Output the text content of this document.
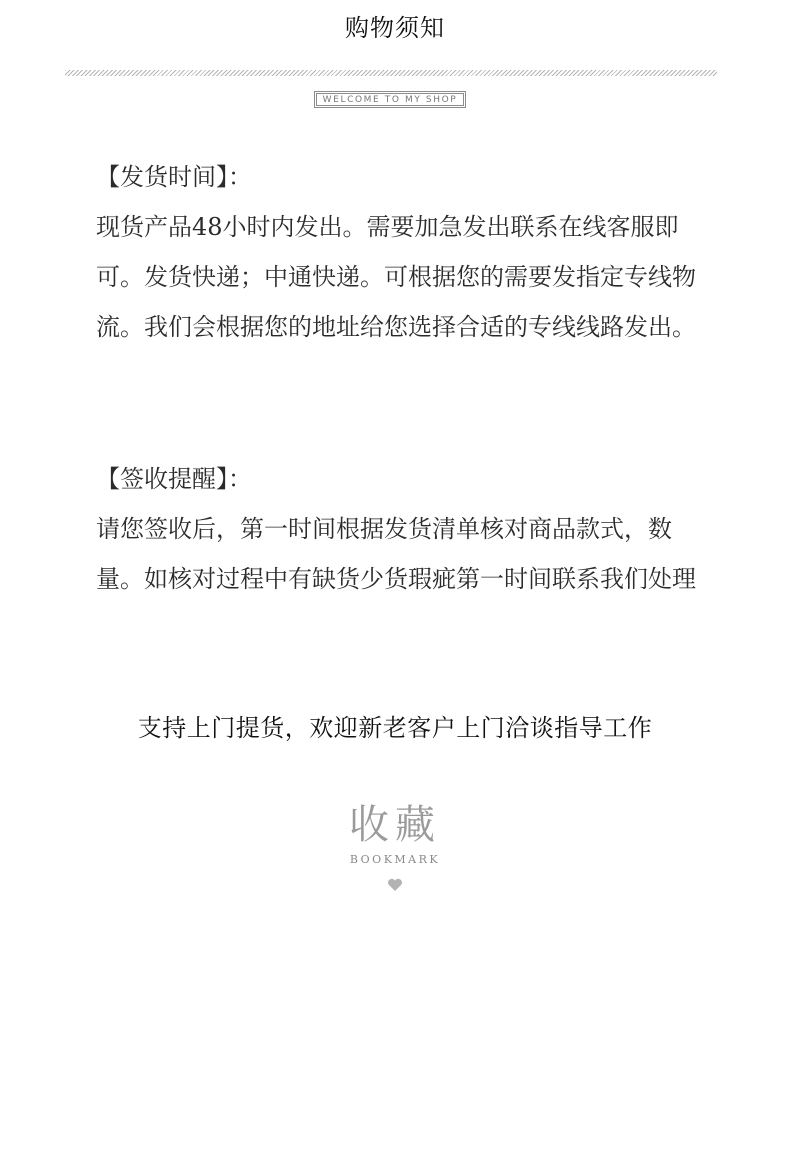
购物须知
WELCOME TO MY SHOP
【发货时间】：
现货产品48小时内发出。需要加急发出联系在线客服即可。发货快递；中通快递。可根据您的需要发指定专线物流。我们会根据您的地址给您选择合适的专线线路发出。
【签收提醒】：
请您签收后，第一时间根据发货清单核对商品款式，数量。如核对过程中有缺货少货瑕疵第一时间联系我们处理
支持上门提货，欢迎新老客户上门洽谈指导工作
收藏
BOOKMARK
